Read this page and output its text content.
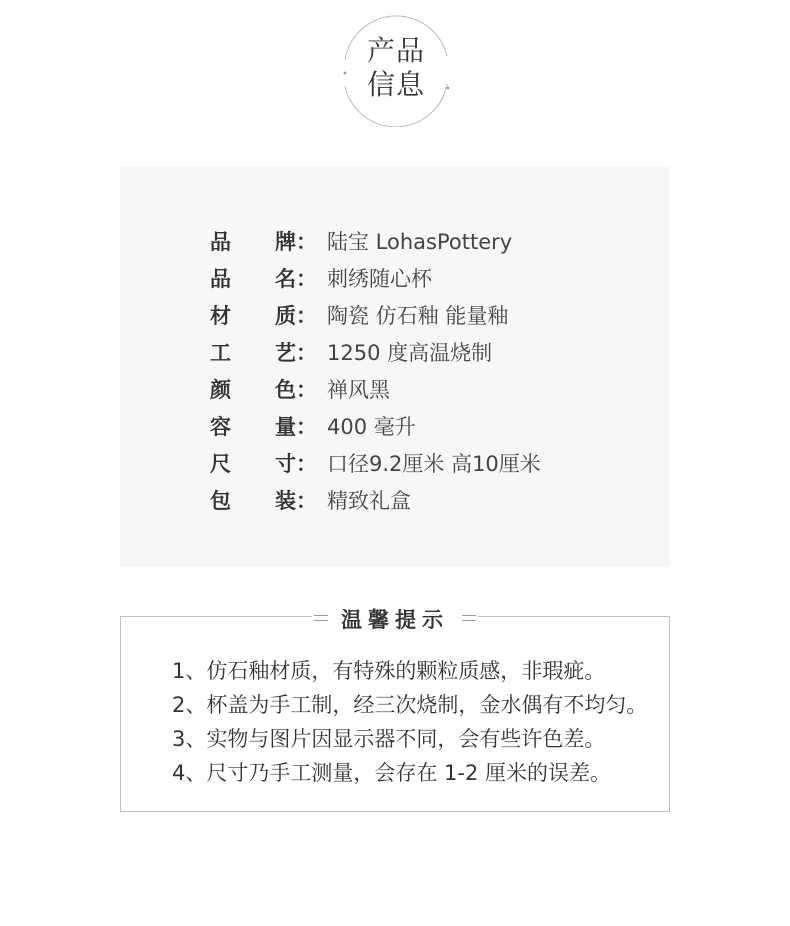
产品
信息
品 牌 ： 陆宝 LohasPottery
品 名 ： 刺绣随心杯
材 质 ： 陶瓷 仿石釉 能量釉
工 艺 ： 1250 度高温烧制
颜 色 ： 禅风黑
容 量 ： 400 毫升
尺 寸 ： 口径9.2厘米 高10厘米
包 装 ： 精致礼盒
温馨提示
1、仿石釉材质，有特殊的颗粒质感，非瑕疵。
2、杯盖为手工制，经三次烧制，金水偶有不均匀。
3、实物与图片因显示器不同，会有些许色差。
4、尺寸乃手工测量，会存在 1-2 厘米的误差。
